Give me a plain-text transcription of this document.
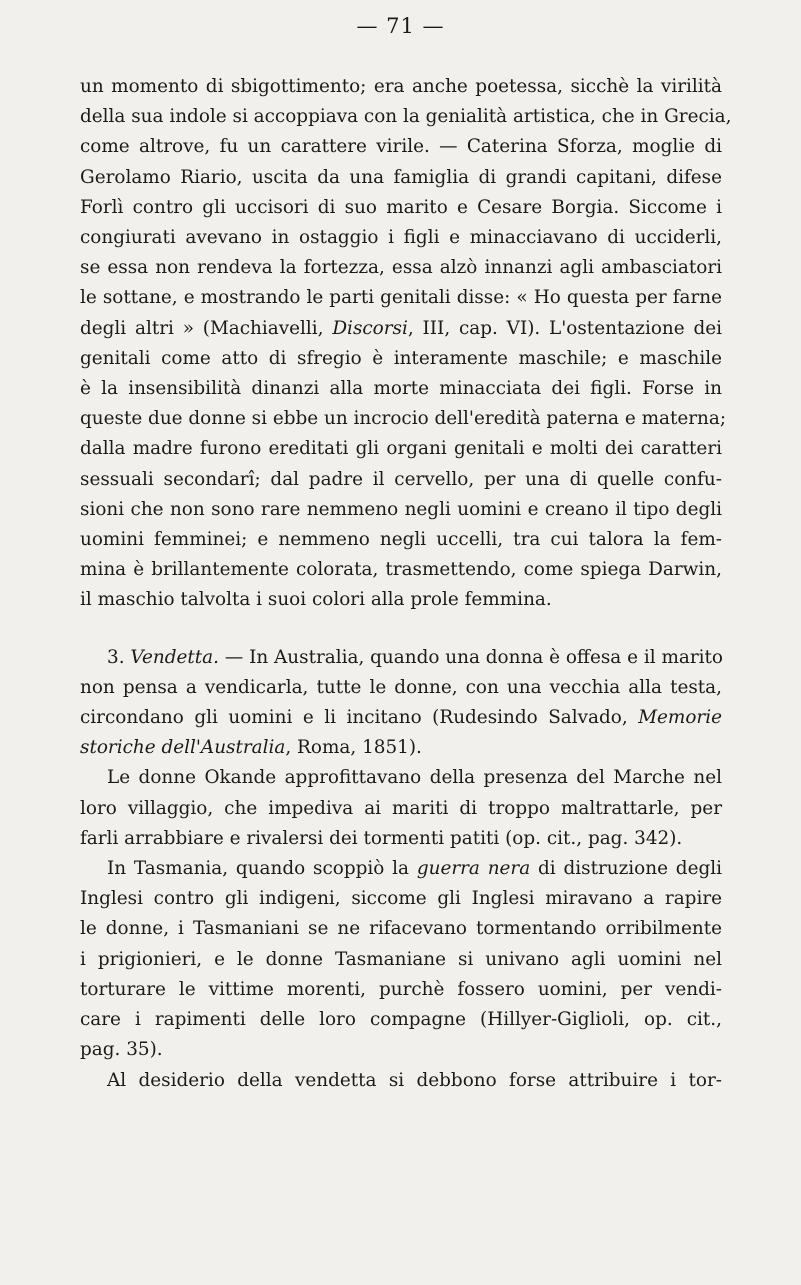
— 71 —
un momento di sbigottimento; era anche poetessa, sicchè la virilità
della sua indole si accoppiava con la genialità artistica, che in Grecia,
come altrove, fu un carattere virile. — Caterina Sforza, moglie di
Gerolamo Riario, uscita da una famiglia di grandi capitani, difese
Forlì contro gli uccisori di suo marito e Cesare Borgia. Siccome i
congiurati avevano in ostaggio i figli e minacciavano di ucciderli,
se essa non rendeva la fortezza, essa alzò innanzi agli ambasciatori
le sottane, e mostrando le parti genitali disse: « Ho questa per farne
degli altri » (Machiavelli, Discorsi, III, cap. VI). L'ostentazione dei
genitali come atto di sfregio è interamente maschile; e maschile
è la insensibilità dinanzi alla morte minacciata dei figli. Forse in
queste due donne si ebbe un incrocio dell'eredità paterna e materna;
dalla madre furono ereditati gli organi genitali e molti dei caratteri
sessuali secondarî; dal padre il cervello, per una di quelle confu-
sioni che non sono rare nemmeno negli uomini e creano il tipo degli
uomini femminei; e nemmeno negli uccelli, tra cui talora la fem-
mina è brillantemente colorata, trasmettendo, come spiega Darwin,
il maschio talvolta i suoi colori alla prole femmina.
3. Vendetta. — In Australia, quando una donna è offesa e il marito
non pensa a vendicarla, tutte le donne, con una vecchia alla testa,
circondano gli uomini e li incitano (Rudesindo Salvado, Memorie
storiche dell'Australia, Roma, 1851).
Le donne Okande approfittavano della presenza del Marche nel
loro villaggio, che impediva ai mariti di troppo maltrattarle, per
farli arrabbiare e rivalersi dei tormenti patiti (op. cit., pag. 342).
In Tasmania, quando scoppiò la guerra nera di distruzione degli
Inglesi contro gli indigeni, siccome gli Inglesi miravano a rapire
le donne, i Tasmaniani se ne rifacevano tormentando orribilmente
i prigionieri, e le donne Tasmaniane si univano agli uomini nel
torturare le vittime morenti, purchè fossero uomini, per vendi-
care i rapimenti delle loro compagne (Hillyer-Giglioli, op. cit.,
pag. 35).
Al desiderio della vendetta si debbono forse attribuire i tor-
